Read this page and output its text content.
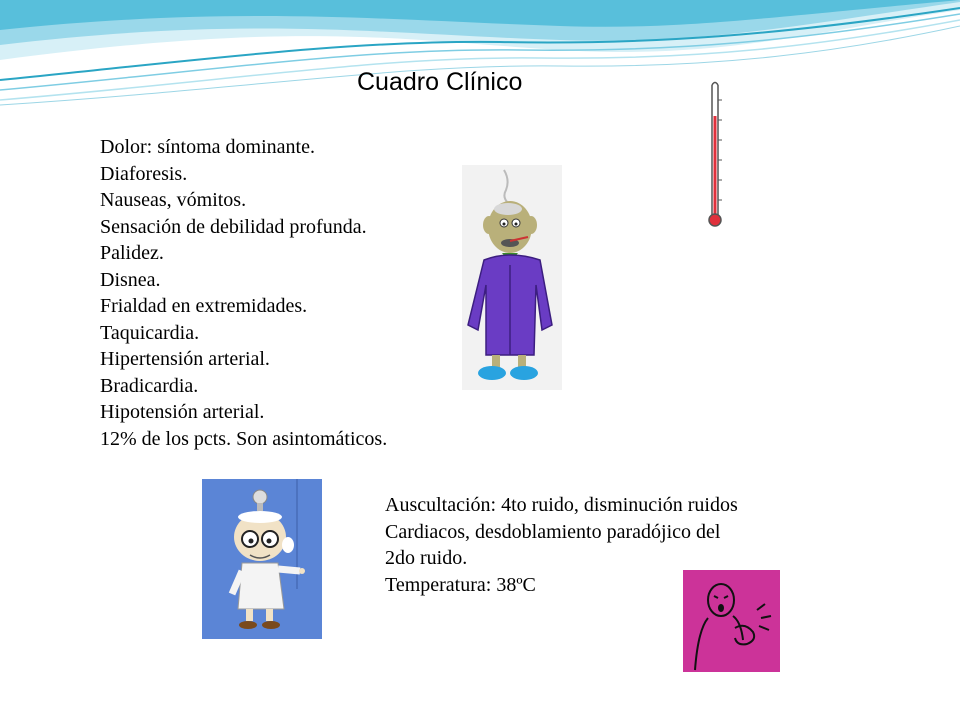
Cuadro Clínico
Dolor: síntoma dominante.
Diaforesis.
Nauseas, vómitos.
Sensación de debilidad profunda.
Palidez.
Disnea.
Frialdad en extremidades.
Taquicardia.
Hipertensión arterial.
Bradicardia.
Hipotensión arterial.
12% de los pcts. Son asintomáticos.
Auscultación: 4to ruido, disminución ruidos
Cardiacos, desdoblamiento paradójico del
2do ruido.
Temperatura: 38ºC
